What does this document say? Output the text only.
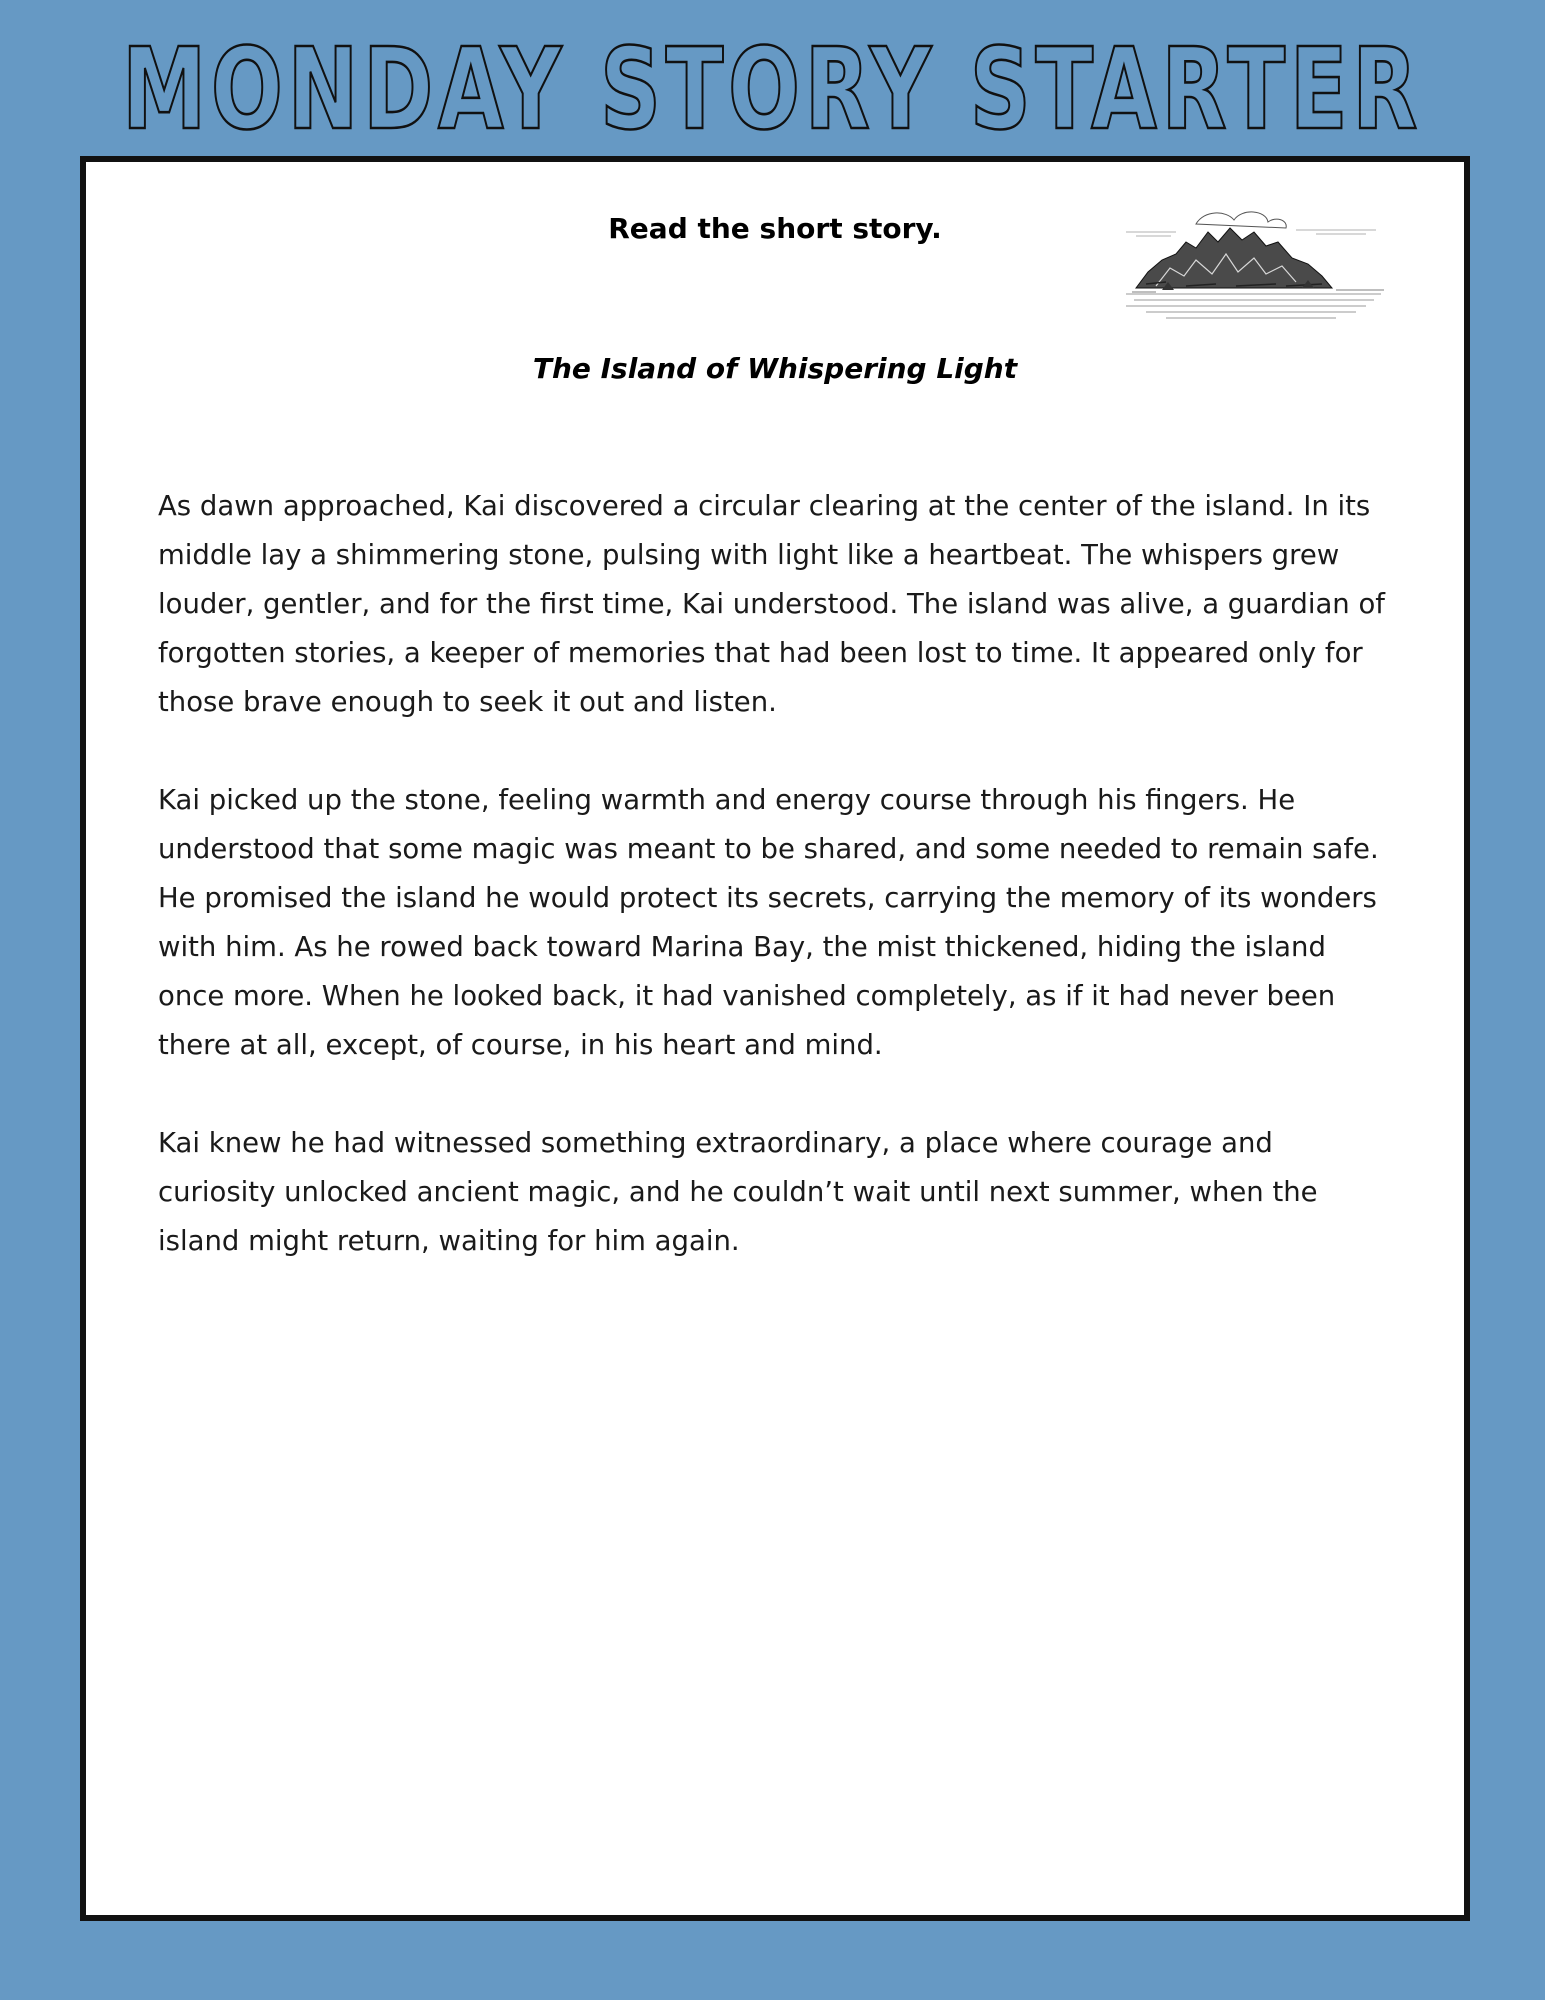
MONDAY STORY STARTER

Read the short story.

The Island of Whispering Light

As dawn approached, Kai discovered a circular clearing at the center of the island. In its middle lay a shimmering stone, pulsing with light like a heartbeat. The whispers grew louder, gentler, and for the first time, Kai understood. The island was alive, a guardian of forgotten stories, a keeper of memories that had been lost to time. It appeared only for those brave enough to seek it out and listen.

Kai picked up the stone, feeling warmth and energy course through his fingers. He understood that some magic was meant to be shared, and some needed to remain safe. He promised the island he would protect its secrets, carrying the memory of its wonders with him. As he rowed back toward Marina Bay, the mist thickened, hiding the island once more. When he looked back, it had vanished completely, as if it had never been there at all, except, of course, in his heart and mind.

Kai knew he had witnessed something extraordinary, a place where courage and curiosity unlocked ancient magic, and he couldn’t wait until next summer, when the island might return, waiting for him again.
